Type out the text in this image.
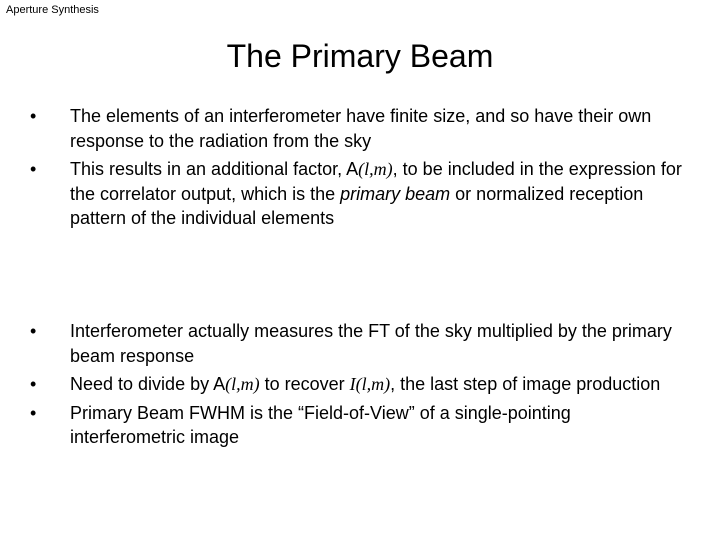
Aperture Synthesis
The Primary Beam
•	The elements of an interferometer have finite size, and so have their own response to the radiation from the sky
•	This results in an additional factor, A(l,m), to be included in the expression for the correlator output, which is the primary beam or normalized reception pattern of the individual elements
•	Interferometer actually measures the FT of the sky multiplied by the primary beam response
•	Need to divide by A(l,m) to recover I(l,m), the last step of image production
•	Primary Beam FWHM is the “Field-of-View” of a single-pointing interferometric image
